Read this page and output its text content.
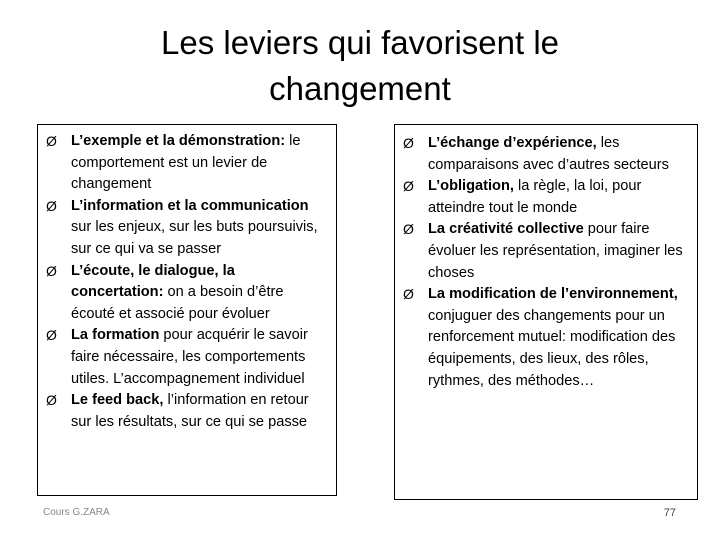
Les leviers qui favorisent le
changement
Ø L’exemple et la démonstration: le comportement est un levier de changement
Ø L’information et la communication sur les enjeux, sur les buts poursuivis, sur ce qui va se passer
Ø L’écoute, le dialogue, la concertation: on a besoin d’être écouté et associé pour évoluer
Ø La formation pour acquérir le savoir faire nécessaire, les comportements utiles. L’accompagnement individuel
Ø Le feed back, l’information en retour sur les résultats, sur ce qui se passe
Ø L’échange d’expérience, les comparaisons avec d’autres secteurs
Ø L’obligation, la règle, la loi, pour atteindre tout le monde
Ø La créativité collective pour faire évoluer les représentation, imaginer les choses
Ø La modification de l’environnement, conjuguer des changements pour un renforcement mutuel: modification des équipements, des lieux, des rôles, rythmes, des méthodes…
Cours G.ZARA	77
